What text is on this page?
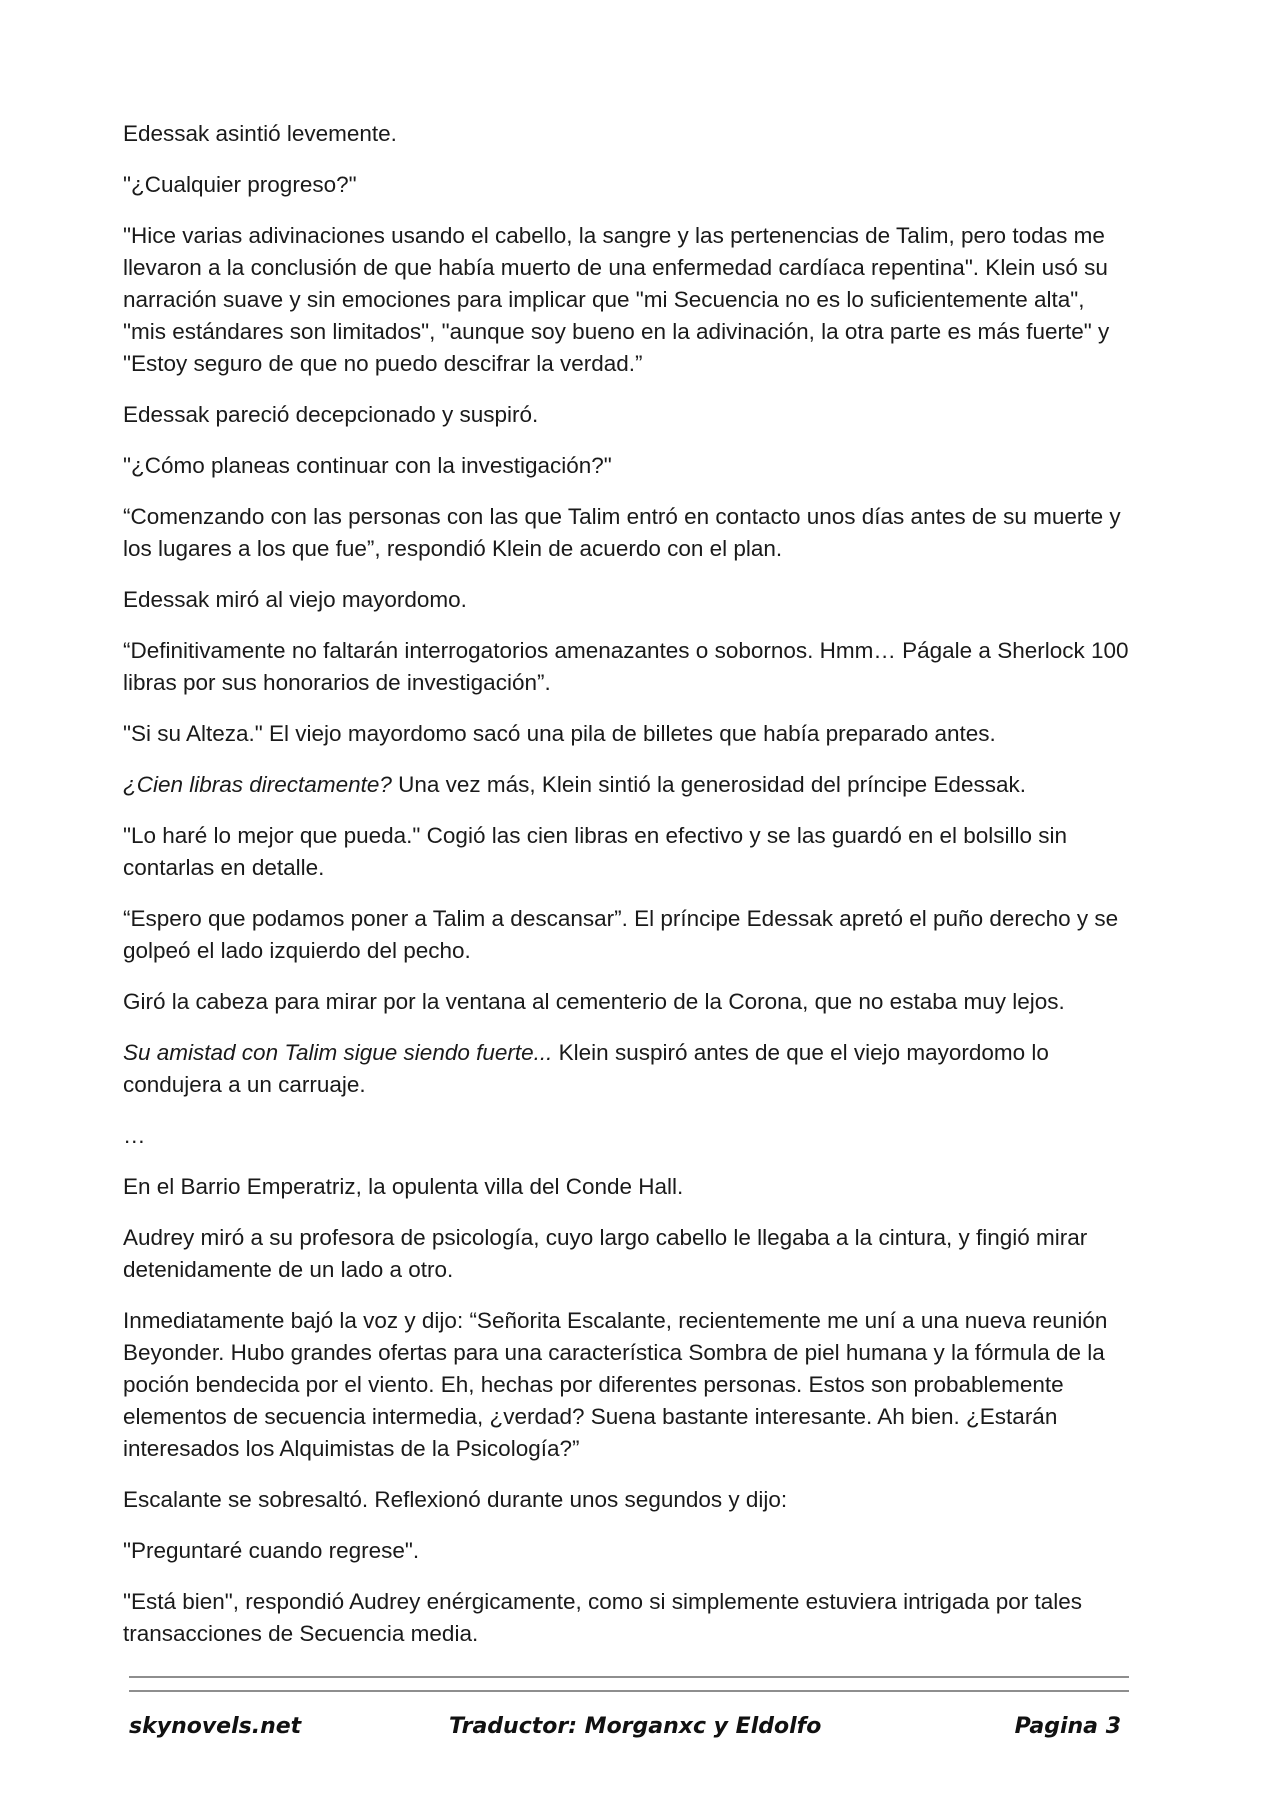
Edessak asintió levemente.

"¿Cualquier progreso?"

"Hice varias adivinaciones usando el cabello, la sangre y las pertenencias de Talim, pero todas me llevaron a la conclusión de que había muerto de una enfermedad cardíaca repentina". Klein usó su narración suave y sin emociones para implicar que "mi Secuencia no es lo suficientemente alta", "mis estándares son limitados", "aunque soy bueno en la adivinación, la otra parte es más fuerte" y "Estoy seguro de que no puedo descifrar la verdad.”

Edessak pareció decepcionado y suspiró.

"¿Cómo planeas continuar con la investigación?"

“Comenzando con las personas con las que Talim entró en contacto unos días antes de su muerte y los lugares a los que fue”, respondió Klein de acuerdo con el plan.

Edessak miró al viejo mayordomo.

“Definitivamente no faltarán interrogatorios amenazantes o sobornos. Hmm… Págale a Sherlock 100 libras por sus honorarios de investigación”.

"Si su Alteza." El viejo mayordomo sacó una pila de billetes que había preparado antes.

¿Cien libras directamente? Una vez más, Klein sintió la generosidad del príncipe Edessak.

"Lo haré lo mejor que pueda." Cogió las cien libras en efectivo y se las guardó en el bolsillo sin contarlas en detalle.

“Espero que podamos poner a Talim a descansar”. El príncipe Edessak apretó el puño derecho y se golpeó el lado izquierdo del pecho.

Giró la cabeza para mirar por la ventana al cementerio de la Corona, que no estaba muy lejos.

Su amistad con Talim sigue siendo fuerte... Klein suspiró antes de que el viejo mayordomo lo condujera a un carruaje.

…

En el Barrio Emperatriz, la opulenta villa del Conde Hall.

Audrey miró a su profesora de psicología, cuyo largo cabello le llegaba a la cintura, y fingió mirar detenidamente de un lado a otro.

Inmediatamente bajó la voz y dijo: “Señorita Escalante, recientemente me uní a una nueva reunión Beyonder. Hubo grandes ofertas para una característica Sombra de piel humana y la fórmula de la poción bendecida por el viento. Eh, hechas por diferentes personas. Estos son probablemente elementos de secuencia intermedia, ¿verdad? Suena bastante interesante. Ah bien. ¿Estarán interesados los Alquimistas de la Psicología?”

Escalante se sobresaltó. Reflexionó durante unos segundos y dijo:

"Preguntaré cuando regrese".

"Está bien", respondió Audrey enérgicamente, como si simplemente estuviera intrigada por tales transacciones de Secuencia media.

skynovels.net	Traductor: Morganxc y Eldolfo	Pagina 3
